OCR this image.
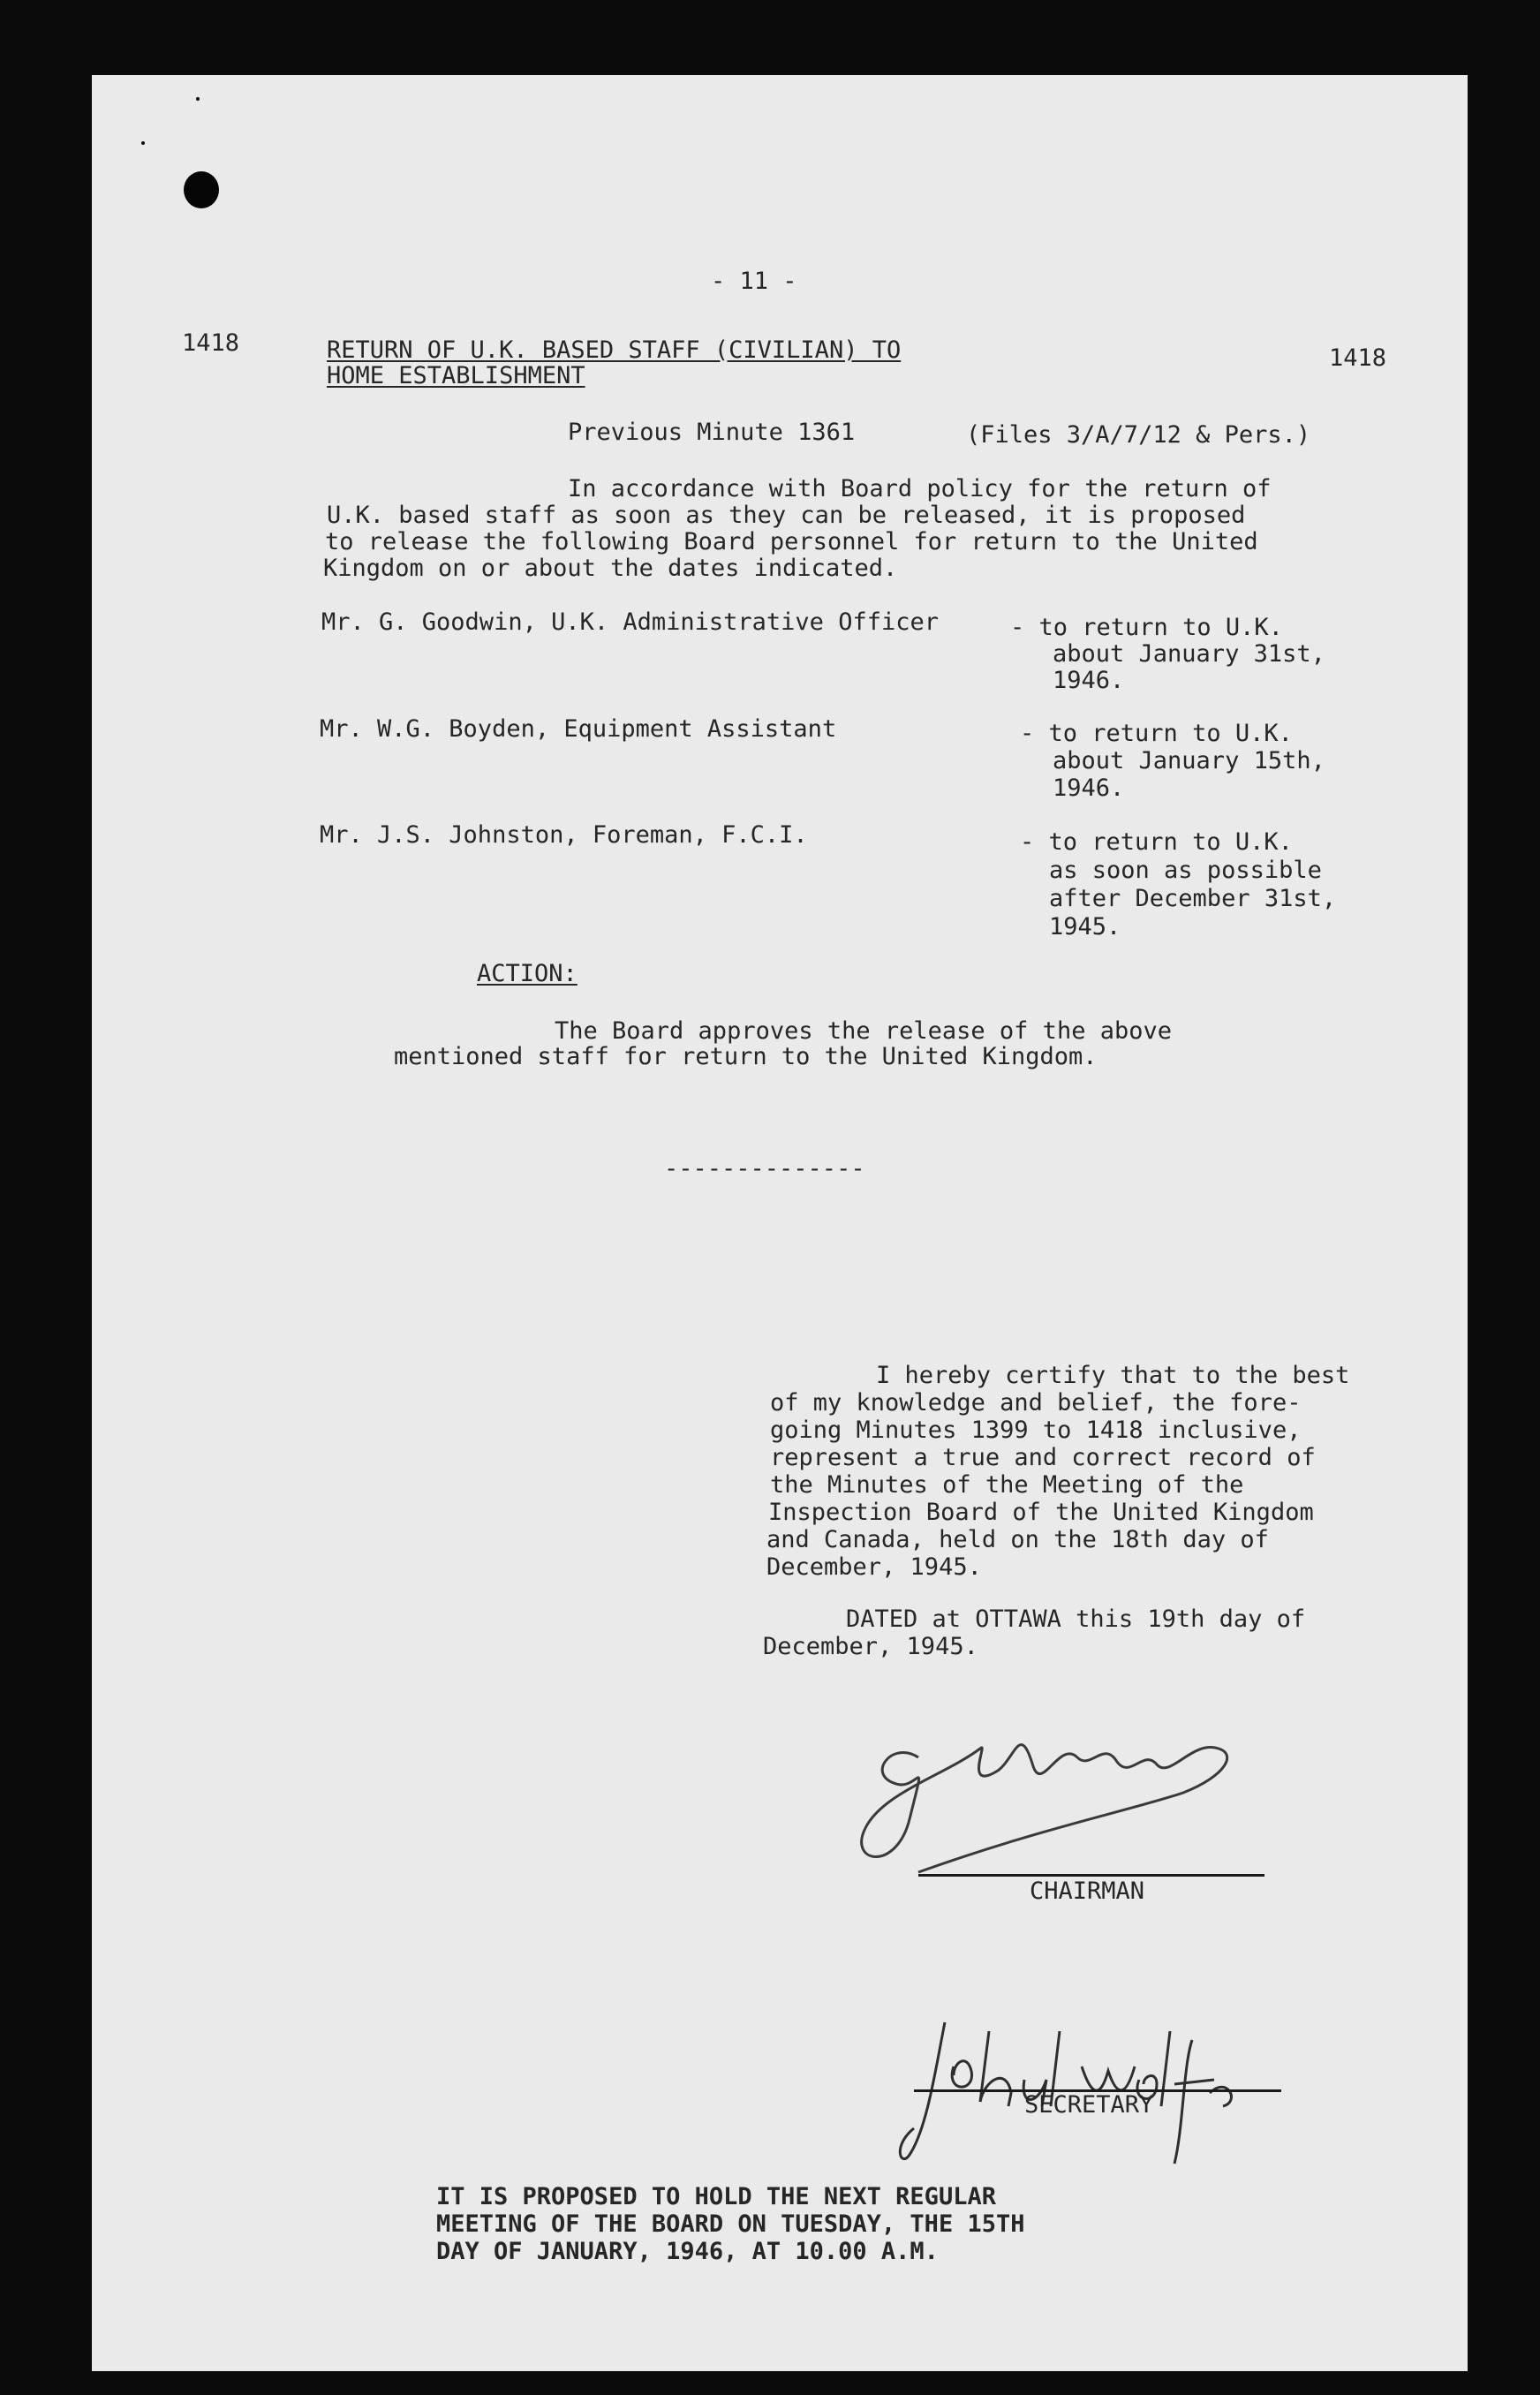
- 11 -
1418
1418
RETURN OF U.K. BASED STAFF (CIVILIAN) TO
HOME ESTABLISHMENT
Previous Minute 1361	(Files 3/A/7/12 & Pers.)
In accordance with Board policy for the return of
U.K. based staff as soon as they can be released, it is proposed
to release the following Board personnel for return to the United
Kingdom on or about the dates indicated.
Mr. G. Goodwin, U.K. Administrative Officer	- to return to U.K.
about January 31st,
1946.
Mr. W.G. Boyden, Equipment Assistant	- to return to U.K.
about January 15th,
1946.
Mr. J.S. Johnston, Foreman, F.C.I.	- to return to U.K.
as soon as possible
after December 31st,
1945.
ACTION:
The Board approves the release of the above
mentioned staff for return to the United Kingdom.
--------------
I hereby certify that to the best
of my knowledge and belief, the fore-
going Minutes 1399 to 1418 inclusive,
represent a true and correct record of
the Minutes of the Meeting of the
Inspection Board of the United Kingdom
and Canada, held on the 18th day of
December, 1945.
DATED at OTTAWA this 19th day of
December, 1945.
CHAIRMAN
SECRETARY
IT IS PROPOSED TO HOLD THE NEXT REGULAR
MEETING OF THE BOARD ON TUESDAY, THE 15TH
DAY OF JANUARY, 1946, AT 10.00 A.M.
